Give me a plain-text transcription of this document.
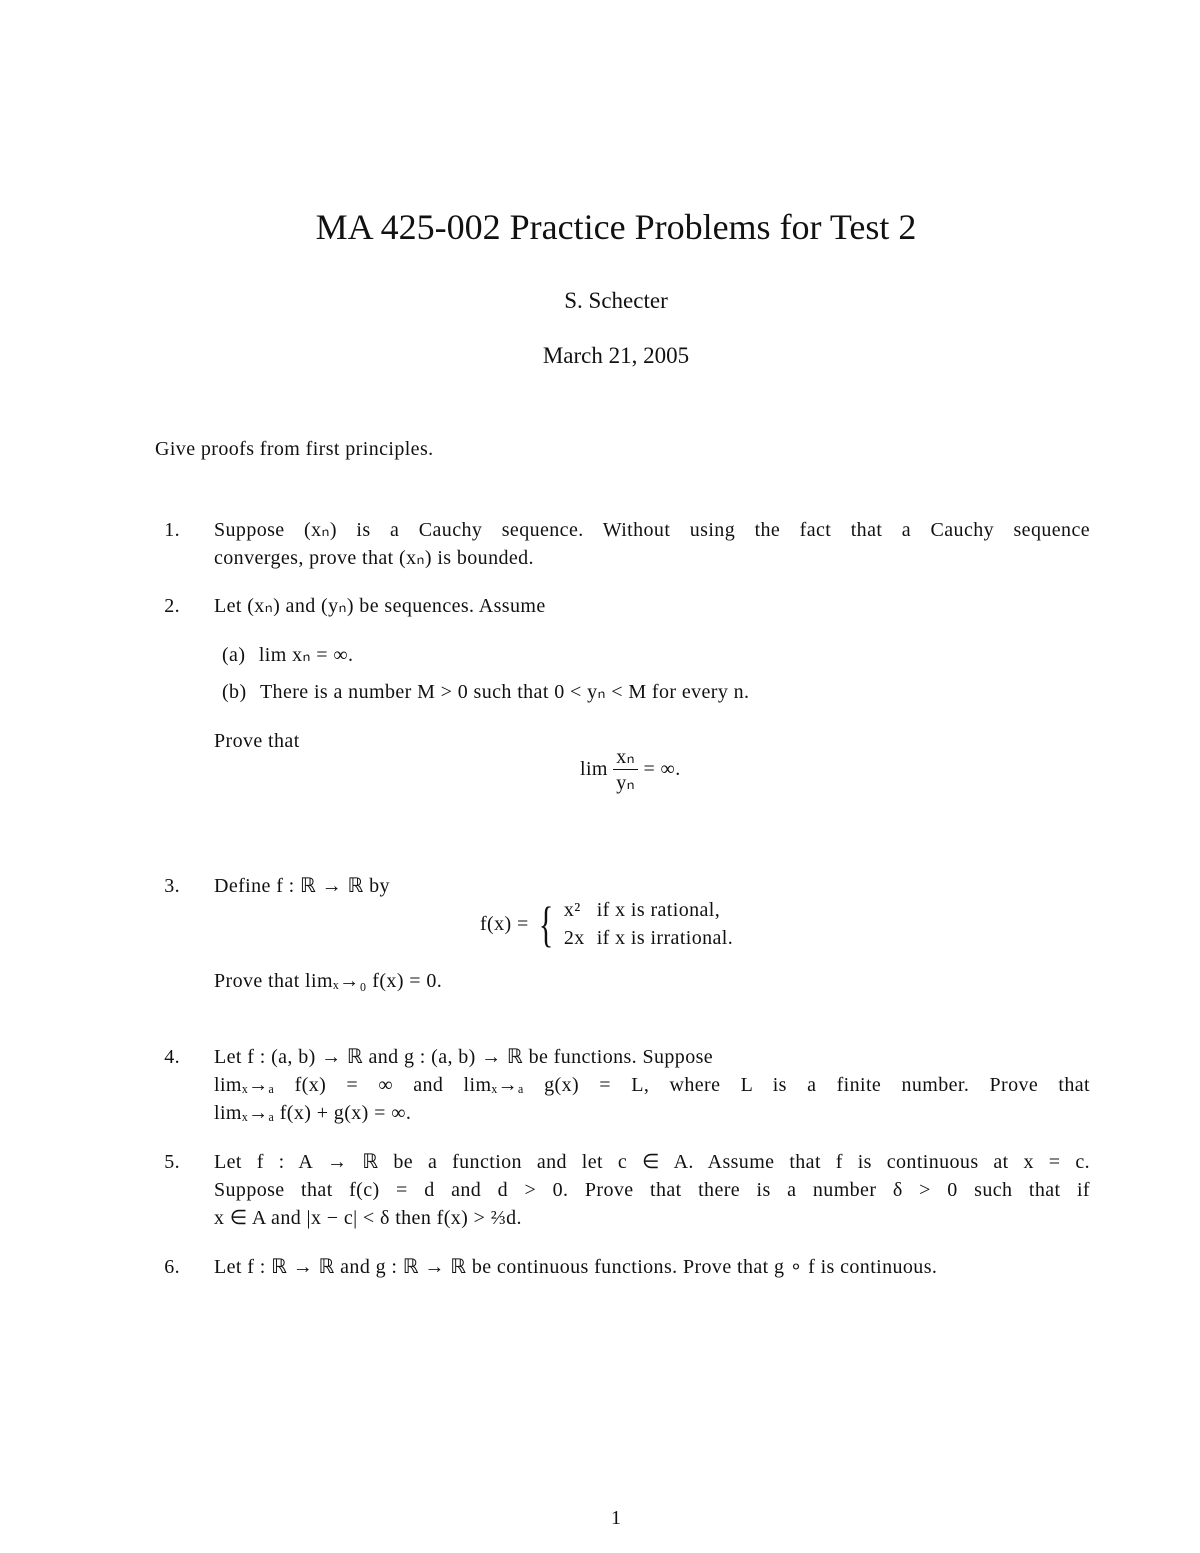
MA 425-002 Practice Problems for Test 2
S. Schecter
March 21, 2005
Give proofs from first principles.
1. Suppose (xₙ) is a Cauchy sequence. Without using the fact that a Cauchy sequence
converges, prove that (xₙ) is bounded.
2. Let (xₙ) and (yₙ) be sequences. Assume
(a) lim xₙ = ∞.
(b) There is a number M > 0 such that 0 < yₙ < M for every n.
Prove that
$\lim \frac{\text{xₙ}}{\text{yₙ}}$ = ∞.
3. Define f : ℝ → ℝ by
f(x) = { x²	if x is rational,
2x	if x is irrational.
Prove that limₓ→₀ f(x) = 0.
4. Let f : (a, b) → ℝ and g : (a, b) → ℝ be functions. Suppose
limₓ→ₐ f(x) = ∞ and limₓ→ₐ g(x) = L, where L is a finite number. Prove that
limₓ→ₐ f(x) + g(x) = ∞.
5. Let f : A → ℝ be a function and let c ∈ A. Assume that f is continuous at x = c.
Suppose that f(c) = d and d > 0. Prove that there is a number δ > 0 such that if
x ∈ A and |x − c| < δ then f(x) > ⅔d.
6. Let f : ℝ → ℝ and g : ℝ → ℝ be continuous functions. Prove that g ∘ f is continuous.
1
